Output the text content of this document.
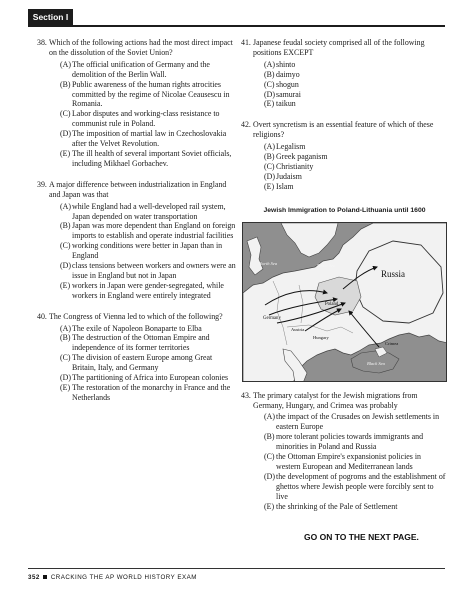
Section I
38. Which of the following actions had the most direct impact on the dissolution of the Soviet Union?
(A) The official unification of Germany and the demolition of the Berlin Wall.
(B) Public awareness of the human rights atrocities committed by the regime of Nicolae Ceausescu in Romania.
(C) Labor disputes and working-class resistance to communist rule in Poland.
(D) The imposition of martial law in Czechoslovakia after the Velvet Revolution.
(E) The ill health of several important Soviet officials, including Mikhael Gorbachev.
39. A major difference between industrialization in England and Japan was that
(A) while England had a well-developed rail system, Japan depended on water transportation
(B) Japan was more dependent than England on foreign imports to establish and operate industrial facilities
(C) working conditions were better in Japan than in England
(D) class tensions between workers and owners were an issue in England but not in Japan
(E) workers in Japan were gender-segregated, while workers in England were entirely integrated
40. The Congress of Vienna led to which of the following?
(A) The exile of Napoleon Bonaparte to Elba
(B) The destruction of the Ottoman Empire and independence of its former territories
(C) The division of eastern Europe among Great Britain, Italy, and Germany
(D) The partitioning of Africa into European colonies
(E) The restoration of the monarchy in France and the Netherlands
41. Japanese feudal society comprised all of the following positions EXCEPT
(A) shinto
(B) daimyo
(C) shogun
(D) samurai
(E) taikun
42. Overt syncretism is an essential feature of which of these religions?
(A) Legalism
(B) Greek paganism
(C) Christianity
(D) Judaism
(E) Islam
Jewish Immigration to Poland-Lithuania until 1600
North Sea	Baltic Sea
Russia
Germany
Poland
Austria
Hungary
Crimea
Black Sea
43. The primary catalyst for the Jewish migrations from Germany, Hungary, and Crimea was probably
(A) the impact of the Crusades on Jewish settlements in eastern Europe
(B) more tolerant policies towards immigrants and minorities in Poland and Russia
(C) the Ottoman Empire's expansionist policies in western European and Mediterranean lands
(D) the development of pogroms and the establishment of ghettos where Jewish people were forcibly sent to live
(E) the shrinking of the Pale of Settlement
GO ON TO THE NEXT PAGE.
352 CRACKING THE AP WORLD HISTORY EXAM
